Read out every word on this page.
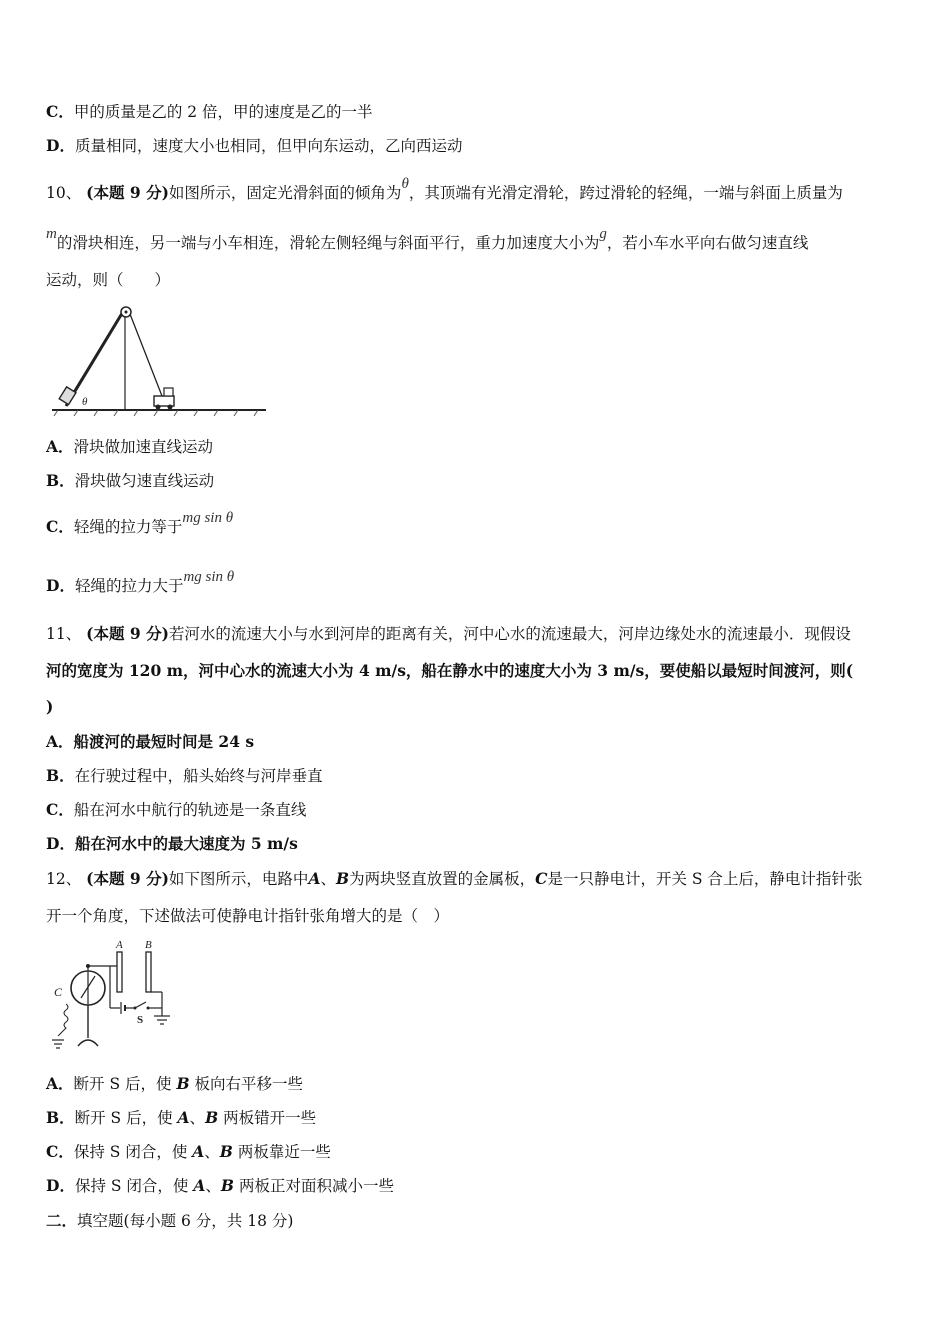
C．甲的质量是乙的 2 倍，甲的速度是乙的一半
D．质量相同，速度大小也相同，但甲向东运动，乙向西运动
10、 (本题 9 分)如图所示，固定光滑斜面的倾角为θ，其顶端有光滑定滑轮，跨过滑轮的轻绳，一端与斜面上质量为
m的滑块相连，另一端与小车相连，滑轮左侧轻绳与斜面平行，重力加速度大小为g，若小车水平向右做匀速直线
运动，则（　　）
θ
A．滑块做加速直线运动
B．滑块做匀速直线运动
C．轻绳的拉力等于mg sin θ
D．轻绳的拉力大于mg sin θ
11、 (本题 9 分)若河水的流速大小与水到河岸的距离有关，河中心水的流速最大，河岸边缘处水的流速最小．现假设
河的宽度为 120 m，河中心水的流速大小为 4 m/s，船在静水中的速度大小为 3 m/s，要使船以最短时间渡河，则(
)
A．船渡河的最短时间是 24 s
B．在行驶过程中，船头始终与河岸垂直
C．船在河水中航行的轨迹是一条直线
D．船在河水中的最大速度为 5 m/s
12、 (本题 9 分)如下图所示，电路中A、B为两块竖直放置的金属板，C是一只静电计，开关 S 合上后，静电计指针张
开一个角度，下述做法可使静电计指针张角增大的是（　）
A B
C
S
A．断开 S 后，使 B 板向右平移一些
B．断开 S 后，使 A、B 两板错开一些
C．保持 S 闭合，使 A、B 两板靠近一些
D．保持 S 闭合，使 A、B 两板正对面积减小一些
二．填空题(每小题 6 分，共 18 分)
